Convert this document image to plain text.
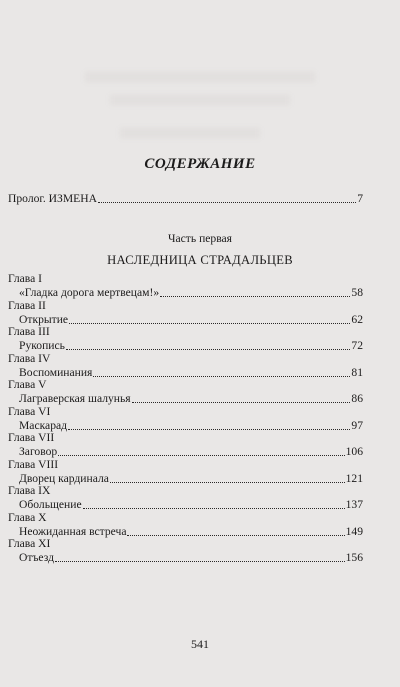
СОДЕРЖАНИЕ
Пролог. ИЗМЕНА	7
Часть первая
НАСЛЕДНИЦА СТРАДАЛЬЦЕВ
Глава I
«Гладка дорога мертвецам!»	58
Глава II
Открытие	62
Глава III
Рукопись	72
Глава IV
Воспоминания	81
Глава V
Лаграверская шалунья	86
Глава VI
Маскарад	97
Глава VII
Заговор	106
Глава VIII
Дворец кардинала	121
Глава IX
Обольщение	137
Глава X
Неожиданная встреча	149
Глава XI
Отъезд	156
541
